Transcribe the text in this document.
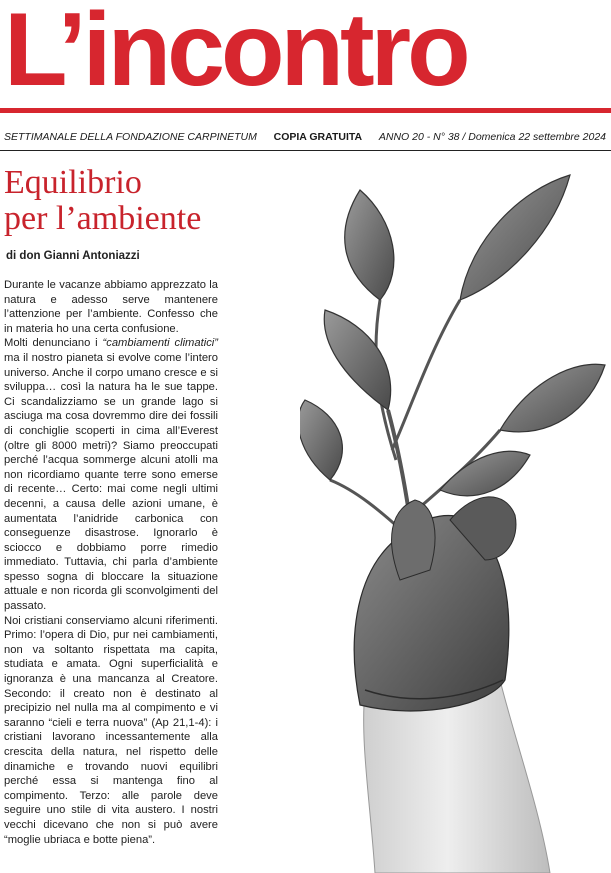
L’incontro
SETTIMANALE DELLA FONDAZIONE CARPINETUM COPIA GRATUITA ANNO 20 - N° 38 / Domenica 22 settembre 2024
Equilibrio
per l’ambiente

di don Gianni Antoniazzi

Durante le vacanze abbiamo apprezzato la natura e adesso serve mantenere l’attenzione per l’ambiente. Confesso che in materia ho una certa confusione.

Molti denunciano i “cambiamenti climatici” ma il nostro pianeta si evolve come l’intero universo. Anche il corpo umano cresce e si sviluppa… così la natura ha le sue tappe. Ci scandalizziamo se un grande lago si asciuga ma cosa dovremmo dire dei fossili di conchiglie scoperti in cima all’Everest (oltre gli 8000 metri)? Siamo preoccupati perché l’acqua sommerge alcuni atolli ma non ricordiamo quante terre sono emerse di recente… Certo: mai come negli ultimi decenni, a causa delle azioni umane, è aumentata l’anidride carbonica con conseguenze disastrose. Ignorarlo è sciocco e dobbiamo porre rimedio immediato. Tuttavia, chi parla d’ambiente spesso sogna di bloccare la situazione attuale e non ricorda gli sconvolgimenti del passato.

Noi cristiani conserviamo alcuni riferimenti. Primo: l’opera di Dio, pur nei cambiamenti, non va soltanto rispettata ma capita, studiata e amata. Ogni superficialità e ignoranza è una mancanza al Creatore. Secondo: il creato non è destinato al precipizio nel nulla ma al compimento e vi saranno “cieli e terra nuova” (Ap 21,1-4): i cristiani lavorano incessantemente alla crescita della natura, nel rispetto delle dinamiche e trovando nuovi equilibri perché essa si mantenga fino al compimento. Terzo: alle parole deve seguire uno stile di vita austero. I nostri vecchi dicevano che non si può avere “moglie ubriaca e botte piena”.
